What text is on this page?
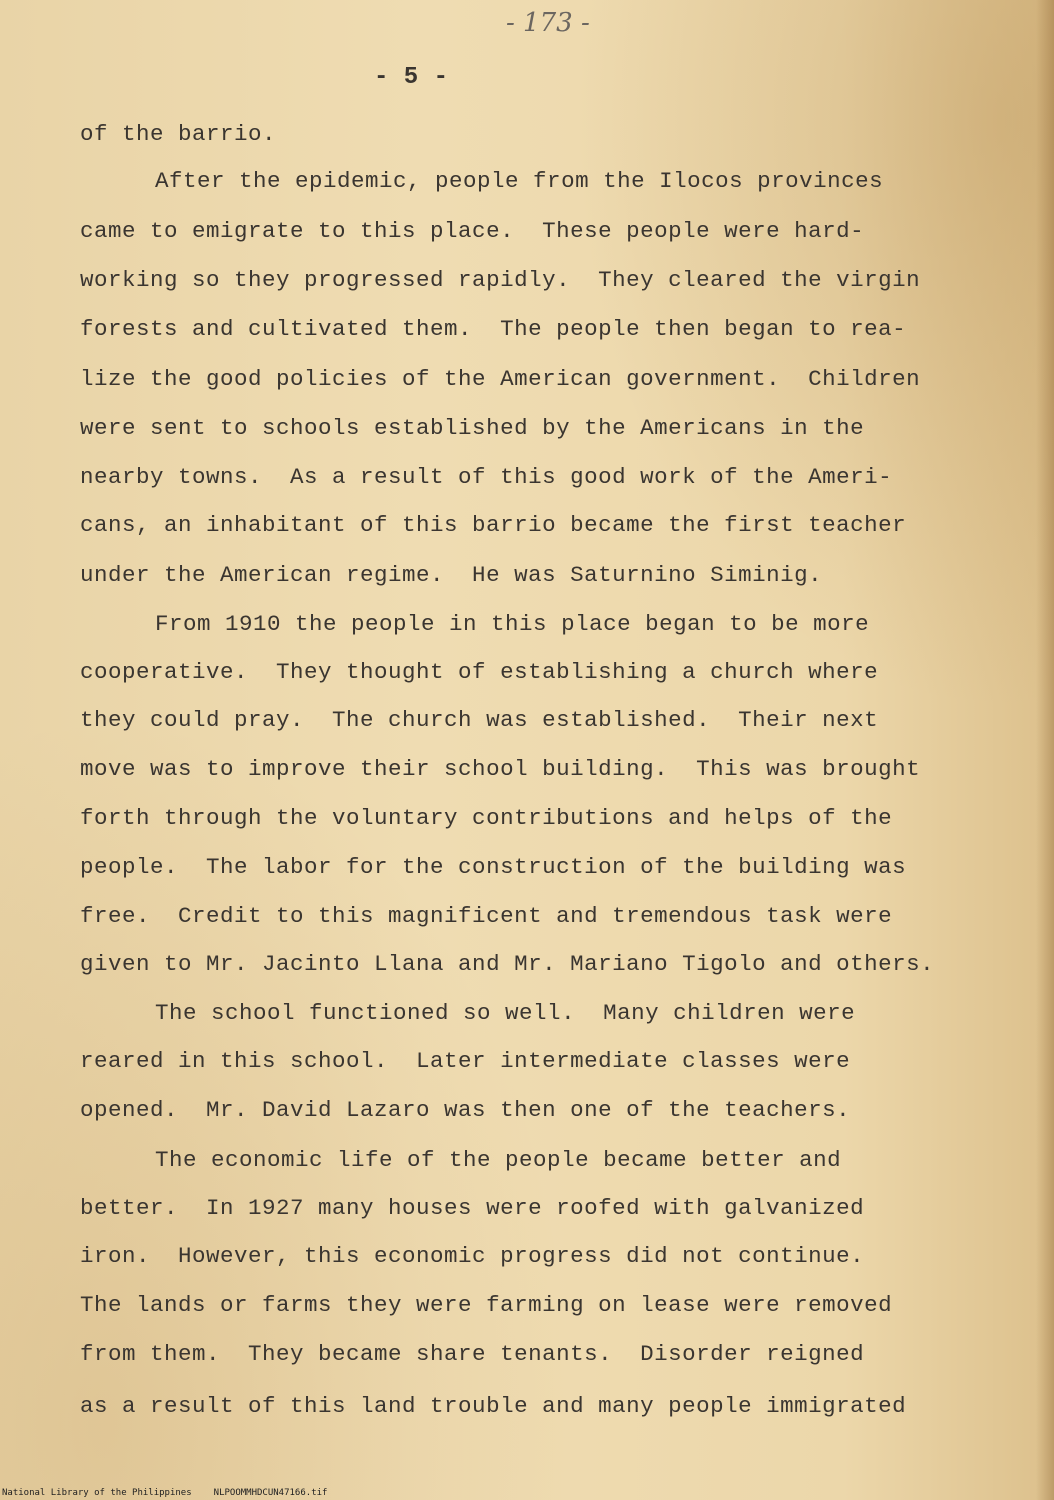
- 173 -

- 5 -

of the barrio.

After the epidemic, people from the Ilocos provinces

came to emigrate to this place.  These people were hard-

working so they progressed rapidly.  They cleared the virgin

forests and cultivated them.  The people then began to rea-

lize the good policies of the American government.  Children

were sent to schools established by the Americans in the

nearby towns.  As a result of this good work of the Ameri-

cans, an inhabitant of this barrio became the first teacher

under the American regime.  He was Saturnino Siminig.

From 1910 the people in this place began to be more

cooperative.  They thought of establishing a church where

they could pray.  The church was established.  Their next

move was to improve their school building.  This was brought

forth through the voluntary contributions and helps of the

people.  The labor for the construction of the building was

free.  Credit to this magnificent and tremendous task were

given to Mr. Jacinto Llana and Mr. Mariano Tigolo and others.

The school functioned so well.  Many children were

reared in this school.  Later intermediate classes were

opened.  Mr. David Lazaro was then one of the teachers.

The economic life of the people became better and

better.  In 1927 many houses were roofed with galvanized

iron.  However, this economic progress did not continue.

The lands or farms they were farming on lease were removed

from them.  They became share tenants.  Disorder reigned

as a result of this land trouble and many people immigrated

National Library of the Philippines NLPOOMMHDCUN47166.tif
